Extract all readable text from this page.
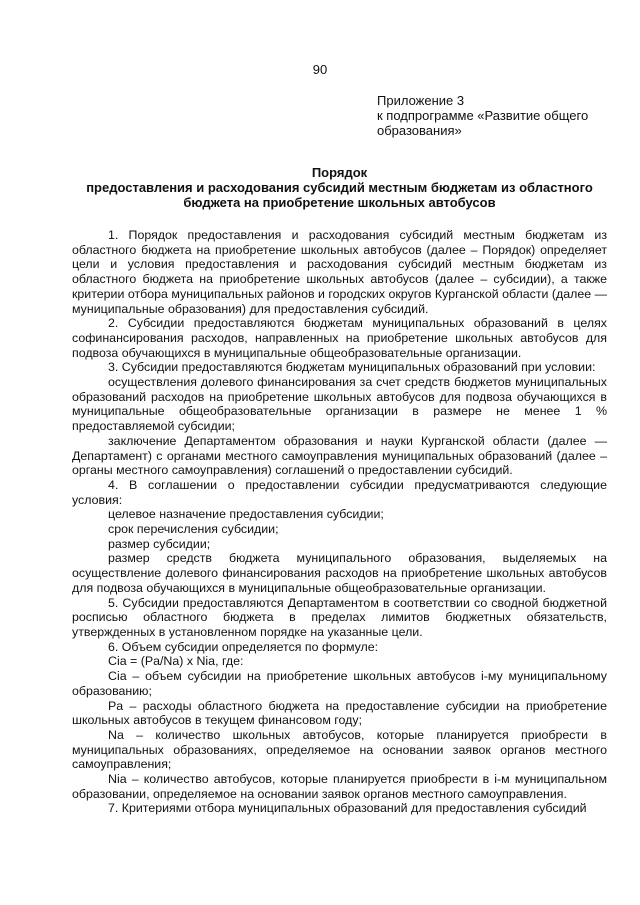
90
Приложение 3
к подпрограмме «Развитие общего
образования»
Порядок
предоставления и расходования субсидий местным бюджетам из областного
бюджета на приобретение школьных автобусов

1. Порядок предоставления и расходования субсидий местным бюджетам из областного бюджета на приобретение школьных автобусов (далее – Порядок) определяет цели и условия предоставления и расходования субсидий местным бюджетам из областного бюджета на приобретение школьных автобусов (далее – субсидии), а также критерии отбора муниципальных районов и городских округов Курганской области (далее — муниципальные образования) для предоставления субсидий.

2. Субсидии предоставляются бюджетам муниципальных образований в целях софинансирования расходов, направленных на приобретение школьных автобусов для подвоза обучающихся в муниципальные общеобразовательные организации.

3. Субсидии предоставляются бюджетам муниципальных образований при условии:

осуществления долевого финансирования за счет средств бюджетов муниципальных образований расходов на приобретение школьных автобусов для подвоза обучающихся в муниципальные общеобразовательные организации в размере не менее 1 % предоставляемой субсидии;

заключение Департаментом образования и науки Курганской области (далее — Департамент) с органами местного самоуправления муниципальных образований (далее – органы местного самоуправления) соглашений о предоставлении субсидий.

4. В соглашении о предоставлении субсидии предусматриваются следующие условия:

целевое назначение предоставления субсидии;

срок перечисления субсидии;

размер субсидии;

размер средств бюджета муниципального образования, выделяемых на осуществление долевого финансирования расходов на приобретение школьных автобусов для подвоза обучающихся в муниципальные общеобразовательные организации.

5. Субсидии предоставляются Департаментом в соответствии со сводной бюджетной росписью областного бюджета в пределах лимитов бюджетных обязательств, утвержденных в установленном порядке на указанные цели.

6. Объем субсидии определяется по формуле:

Cia = (Pa/Na) x Nia, где:

Cia – объем субсидии на приобретение школьных автобусов i-му муниципальному образованию;

Pa – расходы областного бюджета на предоставление субсидии на приобретение школьных автобусов в текущем финансовом году;

Na – количество школьных автобусов, которые планируется приобрести в муниципальных образованиях, определяемое на основании заявок органов местного самоуправления;

Nia – количество автобусов, которые планируется приобрести в i-м муниципальном образовании, определяемое на основании заявок органов местного самоуправления.

7. Критериями отбора муниципальных образований для предоставления субсидий
